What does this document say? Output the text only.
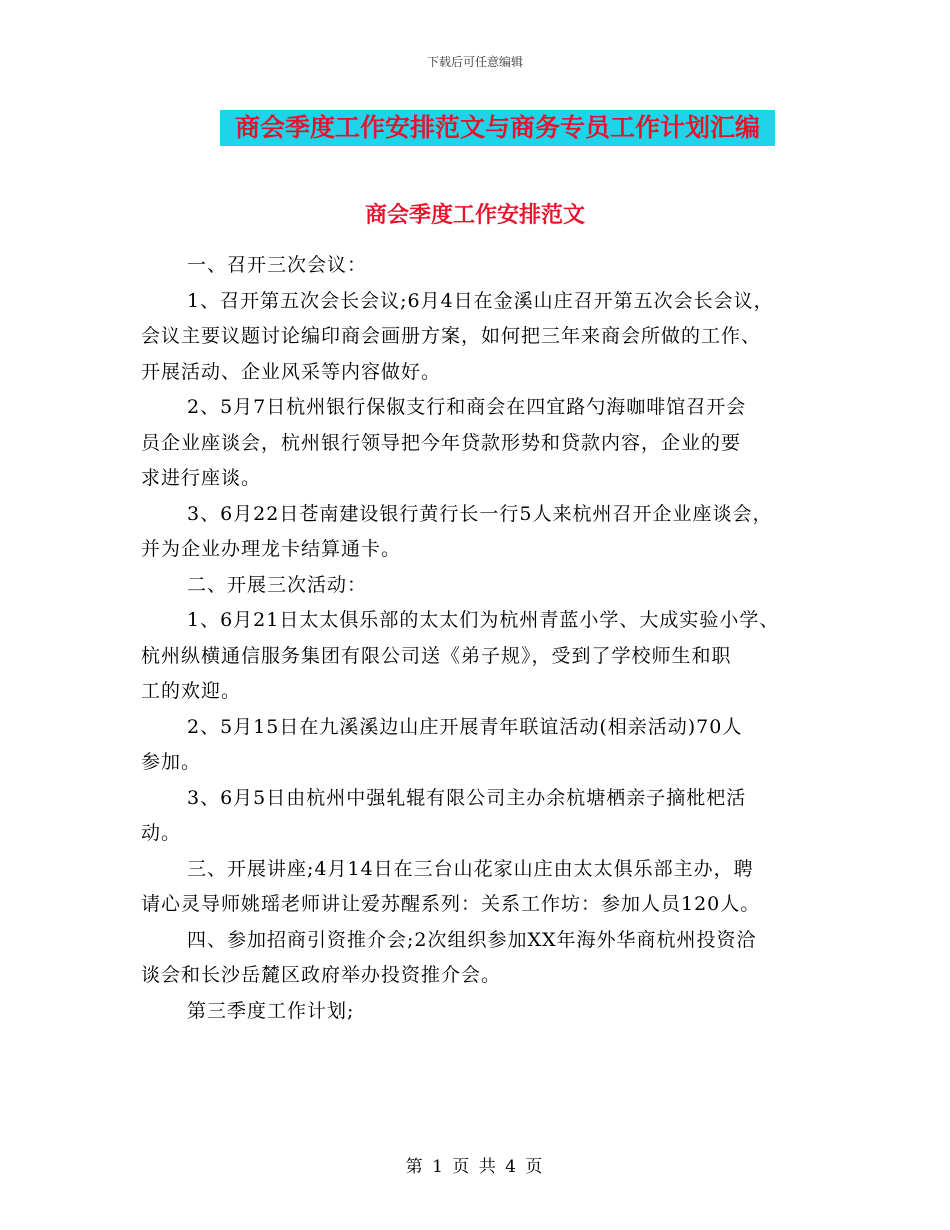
下载后可任意编辑
商会季度工作安排范文与商务专员工作计划汇编
商会季度工作安排范文

一、召开三次会议：

1、召开第五次会长会议;6月4日在金溪山庄召开第五次会长会议，

会议主要议题讨论编印商会画册方案，如何把三年来商会所做的工作、

开展活动、企业风采等内容做好。

2、5月7日杭州银行保俶支行和商会在四宜路勺海咖啡馆召开会

员企业座谈会，杭州银行领导把今年贷款形势和贷款内容，企业的要

求进行座谈。

3、6月22日苍南建设银行黄行长一行5人来杭州召开企业座谈会，

并为企业办理龙卡结算通卡。

二、开展三次活动：

1、6月21日太太俱乐部的太太们为杭州青蓝小学、大成实验小学、

杭州纵横通信服务集团有限公司送《弟子规》，受到了学校师生和职

工的欢迎。

2、5月15日在九溪溪边山庄开展青年联谊活动(相亲活动)70人

参加。

3、6月5日由杭州中强轧辊有限公司主办余杭塘栖亲子摘枇杷活

动。

三、开展讲座;4月14日在三台山花家山庄由太太俱乐部主办，聘

请心灵导师姚瑶老师讲让爱苏醒系列：关系工作坊：参加人员120人。

四、参加招商引资推介会;2次组织参加XX年海外华商杭州投资洽

谈会和长沙岳麓区政府举办投资推介会。

第三季度工作计划;

第 1 页 共 4 页
